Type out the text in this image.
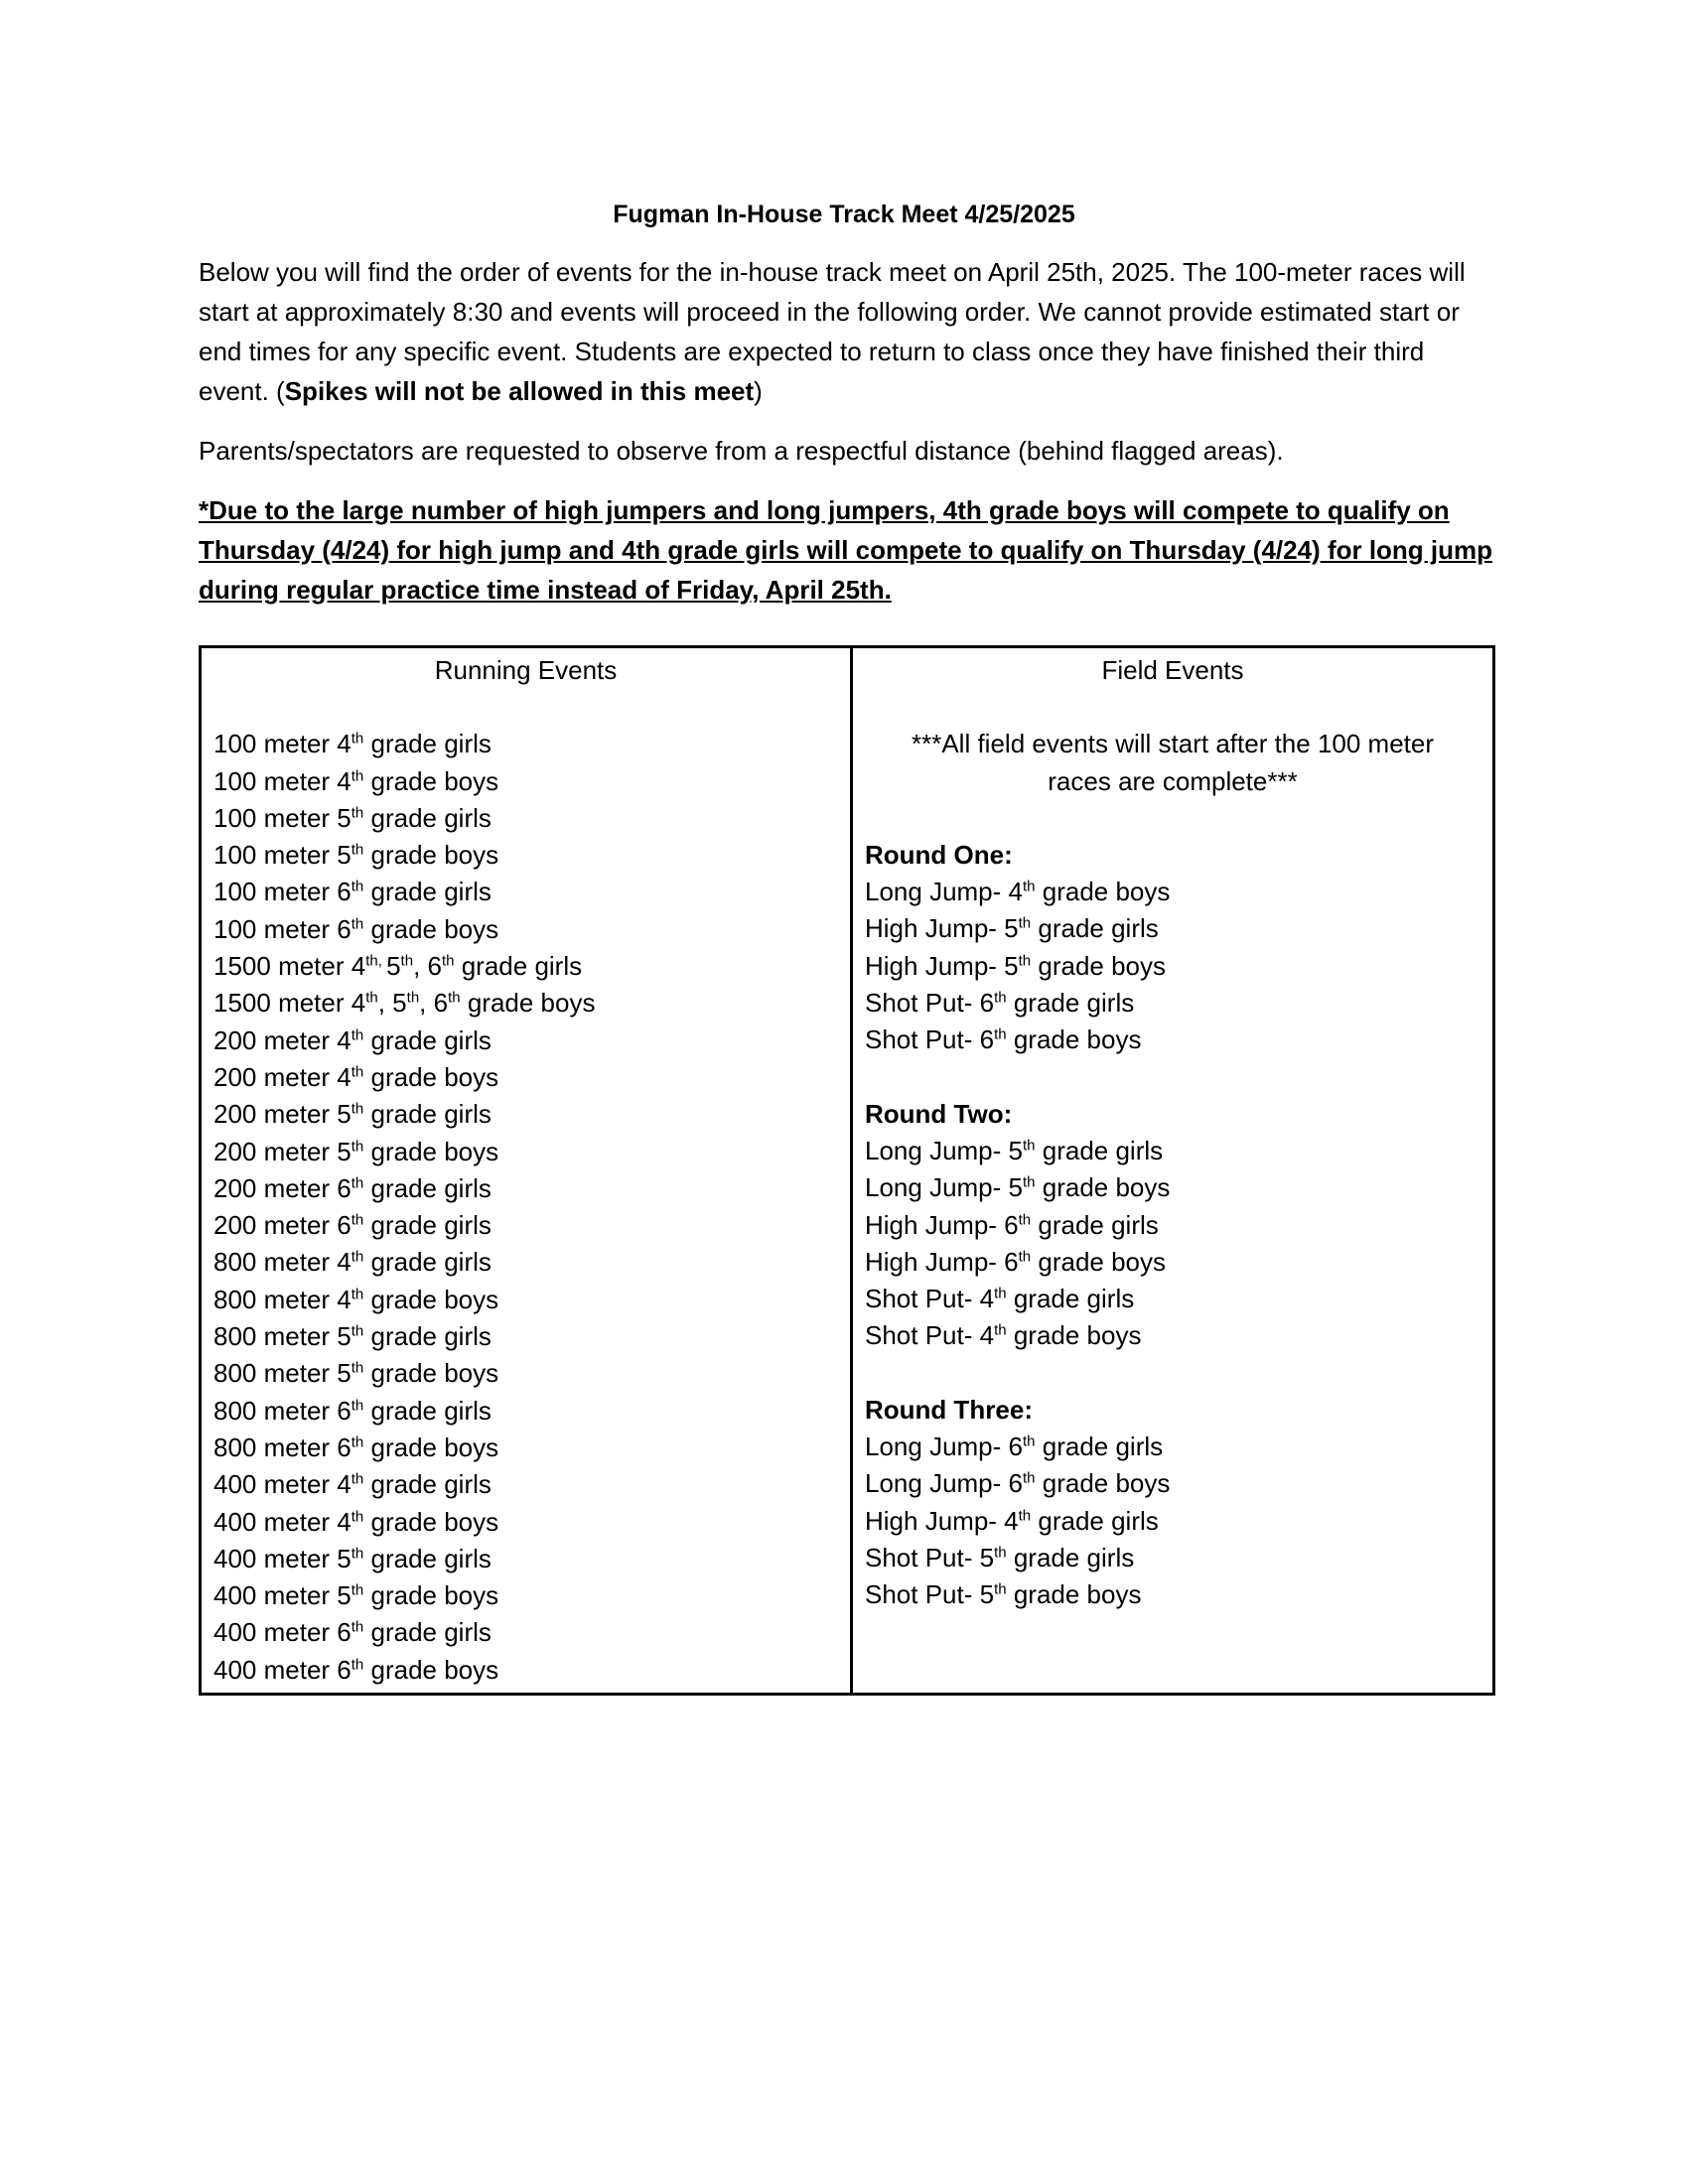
Fugman In-House Track Meet 4/25/2025

Below you will find the order of events for the in-house track meet on April 25th, 2025. The 100-meter races will start at approximately 8:30 and events will proceed in the following order. We cannot provide estimated start or end times for any specific event. Students are expected to return to class once they have finished their third event. (Spikes will not be allowed in this meet)

Parents/spectators are requested to observe from a respectful distance (behind flagged areas).

*Due to the large number of high jumpers and long jumpers, 4th grade boys will compete to qualify on Thursday (4/24) for high jump and 4th grade girls will compete to qualify on Thursday (4/24) for long jump during regular practice time instead of Friday, April 25th.

Running Events
100 meter 4th grade girls
100 meter 4th grade boys
100 meter 5th grade girls
100 meter 5th grade boys
100 meter 6th grade girls
100 meter 6th grade boys
1500 meter $4^{th,}$ 5th, 6th grade girls
1500 meter 4th, 5th, 6th grade boys
200 meter 4th grade girls
200 meter 4th grade boys
200 meter 5th grade girls
200 meter 5th grade boys
200 meter 6th grade girls
200 meter 6th grade girls
800 meter 4th grade girls
800 meter 4th grade boys
800 meter 5th grade girls
800 meter 5th grade boys
800 meter 6th grade girls
800 meter 6th grade boys
400 meter 4th grade girls
400 meter 4th grade boys
400 meter 5th grade girls
400 meter 5th grade boys
400 meter 6th grade girls
400 meter 6th grade boys

Field Events
***All field events will start after the 100 meter
races are complete***
Round One:
Long Jump- 4th grade boys
High Jump- 5th grade girls
High Jump- 5th grade boys
Shot Put- 6th grade girls
Shot Put- 6th grade boys
Round Two:
Long Jump- 5th grade girls
Long Jump- 5th grade boys
High Jump- 6th grade girls
High Jump- 6th grade boys
Shot Put- 4th grade girls
Shot Put- 4th grade boys
Round Three:
Long Jump- 6th grade girls
Long Jump- 6th grade boys
High Jump- 4th grade girls
Shot Put- 5th grade girls
Shot Put- 5th grade boys
